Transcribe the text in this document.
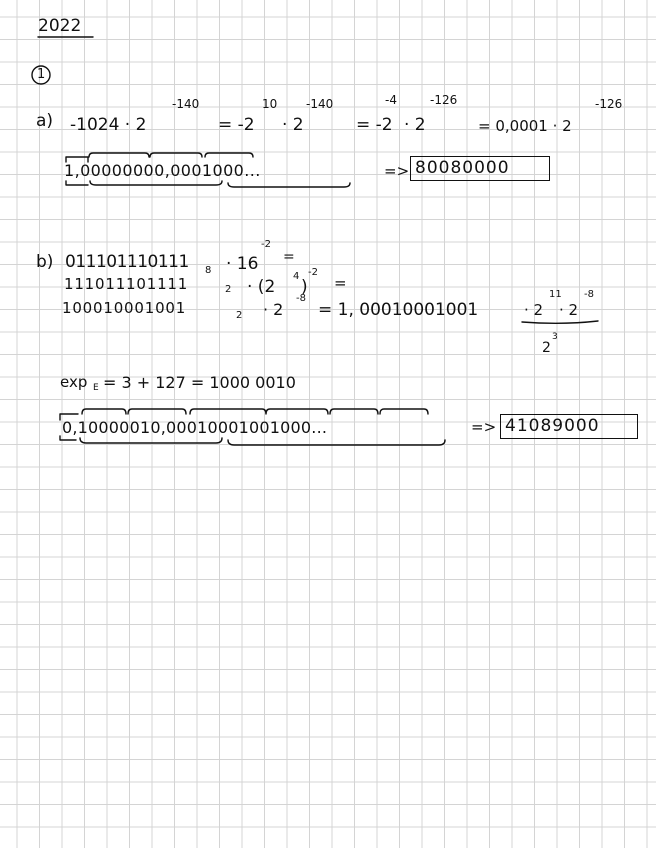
2022
1
a) -1024 · 2
-140
= -2
10
· 2
-140
= -2
-4
· 2
-126
= 0,0001 · 2
-126
1,00000000,0001000...	=> 80080000
b) 011101110111 8 · 16
-2
=
111011101111	2 · (2
4
)
-2
=
100010001001	2 · 2
-8
= 1, 00010001001	· 2
11
· 2
-8
2
3
exp E = 3 + 127 = 1000 0010
0,10000010,00010001001000...	=> 41089000
